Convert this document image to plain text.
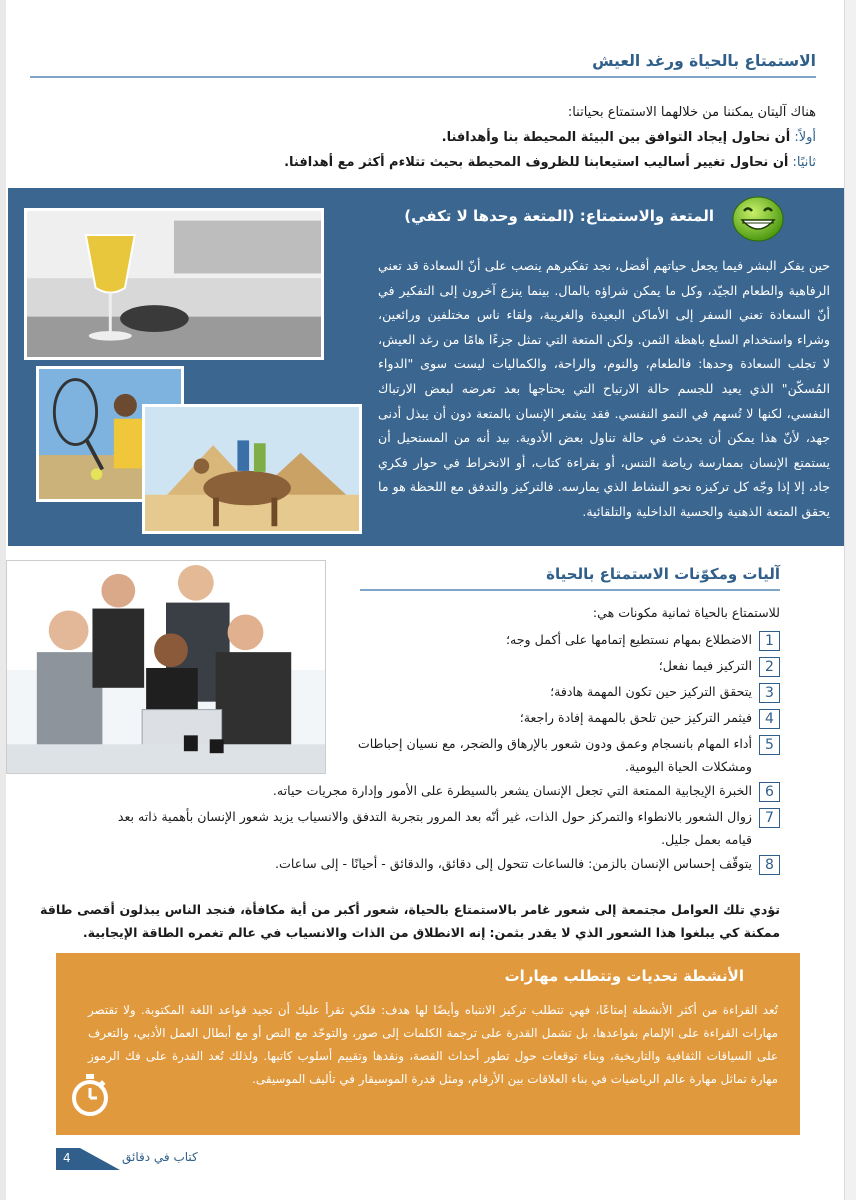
الاستمتاع بالحياة ورغد العيش
هناك آليتان يمكننا من خلالهما الاستمتاع بحياتنا:
أولاً: أن نحاول إيجاد التوافق بين البيئة المحيطة بنا وأهدافنا.
ثانيًا: أن نحاول تغيير أساليب استيعابنا للظروف المحيطة بحيث تتلاءم أكثر مع أهدافنا.
المتعة والاستمتاع: (المتعة وحدها لا تكفي)
حين يفكر البشر فيما يجعل حياتهم أفضل، نجد تفكيرهم ينصب على أنّ السعادة قد تعني الرفاهية والطعام الجيّد، وكل ما يمكن شراؤه بالمال. بينما ينزع آخرون إلى التفكير في أنّ السعادة تعني السفر إلى الأماكن البعيدة والغريبة، ولقاء ناس مختلفين ورائعين، وشراء واستخدام السلع باهظة الثمن. ولكن المتعة التي تمثل جزءًا هامًا من رغد العيش، لا تجلب السعادة وحدها: فالطعام، والنوم، والراحة، والكماليات ليست سوى "الدواء المُسكّن" الذي يعيد للجسم حالة الارتياح التي يحتاجها بعد تعرضه لبعض الارتباك النفسي، لكنها لا تُسهم في النمو النفسي. فقد يشعر الإنسان بالمتعة دون أن يبذل أدنى جهد، لأنّ هذا يمكن أن يحدث في حالة تناول بعض الأدوية. بيد أنه من المستحيل أن يستمتع الإنسان بممارسة رياضة التنس، أو بقراءة كتاب، أو الانخراط في حوار فكري جاد، إلا إذا وجّه كل تركيزه نحو النشاط الذي يمارسه. فالتركيز والتدفق مع اللحظة هو ما يحقق المتعة الذهنية والحسية الداخلية والتلقائية.
آليات ومكوّنات الاستمتاع بالحياة
للاستمتاع بالحياة ثمانية مكونات هي:
1
الاضطلاع بمهام نستطيع إتمامها على أكمل وجه؛
2
التركيز فيما نفعل؛
3
يتحقق التركيز حين تكون المهمة هادفة؛
4
فيثمر التركيز حين تلحق بالمهمة إفادة راجعة؛
5
أداء المهام بانسجام وعمق ودون شعور بالإرهاق والضجر، مع نسيان إحباطات ومشكلات الحياة اليومية.
6
الخبرة الإيجابية الممتعة التي تجعل الإنسان يشعر بالسيطرة على الأمور وإدارة مجريات حياته.
7
زوال الشعور بالانطواء والتمركز حول الذات، غير أنّه بعد المرور بتجربة التدفق والانسياب يزيد شعور الإنسان بأهمية ذاته بعد قيامه بعمل جليل.
8
يتوقّف إحساس الإنسان بالزمن: فالساعات تتحول إلى دقائق، والدقائق - أحيانًا - إلى ساعات.
تؤدي تلك العوامل مجتمعة إلى شعور غامر بالاستمتاع بالحياة، شعور أكبر من أية مكافأة، فنجد الناس يبذلون أقصى طاقة ممكنة كي يبلغوا هذا الشعور الذي لا يقدر بثمن: إنه الانطلاق من الذات والانسياب في عالم تغمره الطاقة الإيجابية.
الأنشطة تحديات وتتطلب مهارات
تُعد القراءة من أكثر الأنشطة إمتاعًا، فهي تتطلب تركيز الانتباه وأيضًا لها هدف: فلكي تقرأ عليك أن تجيد قواعد اللغة المكتوبة. ولا تقتصر مهارات القراءة على الإلمام بقواعدها، بل تشمل القدرة على ترجمة الكلمات إلى صور، والتوحّد مع النص أو مع أبطال العمل الأدبي، والتعرف على السياقات الثقافية والتاريخية، وبناء توقعات حول تطور أحداث القصة، ونقدها وتقييم أسلوب كاتبها. ولذلك تُعد القدرة على فك الرموز مهارة تماثل مهارة عالم الرياضيات في بناء العلاقات بين الأرقام، ومثل قدرة الموسيقار في تأليف الموسيقى.
4	كتاب في دقائق
